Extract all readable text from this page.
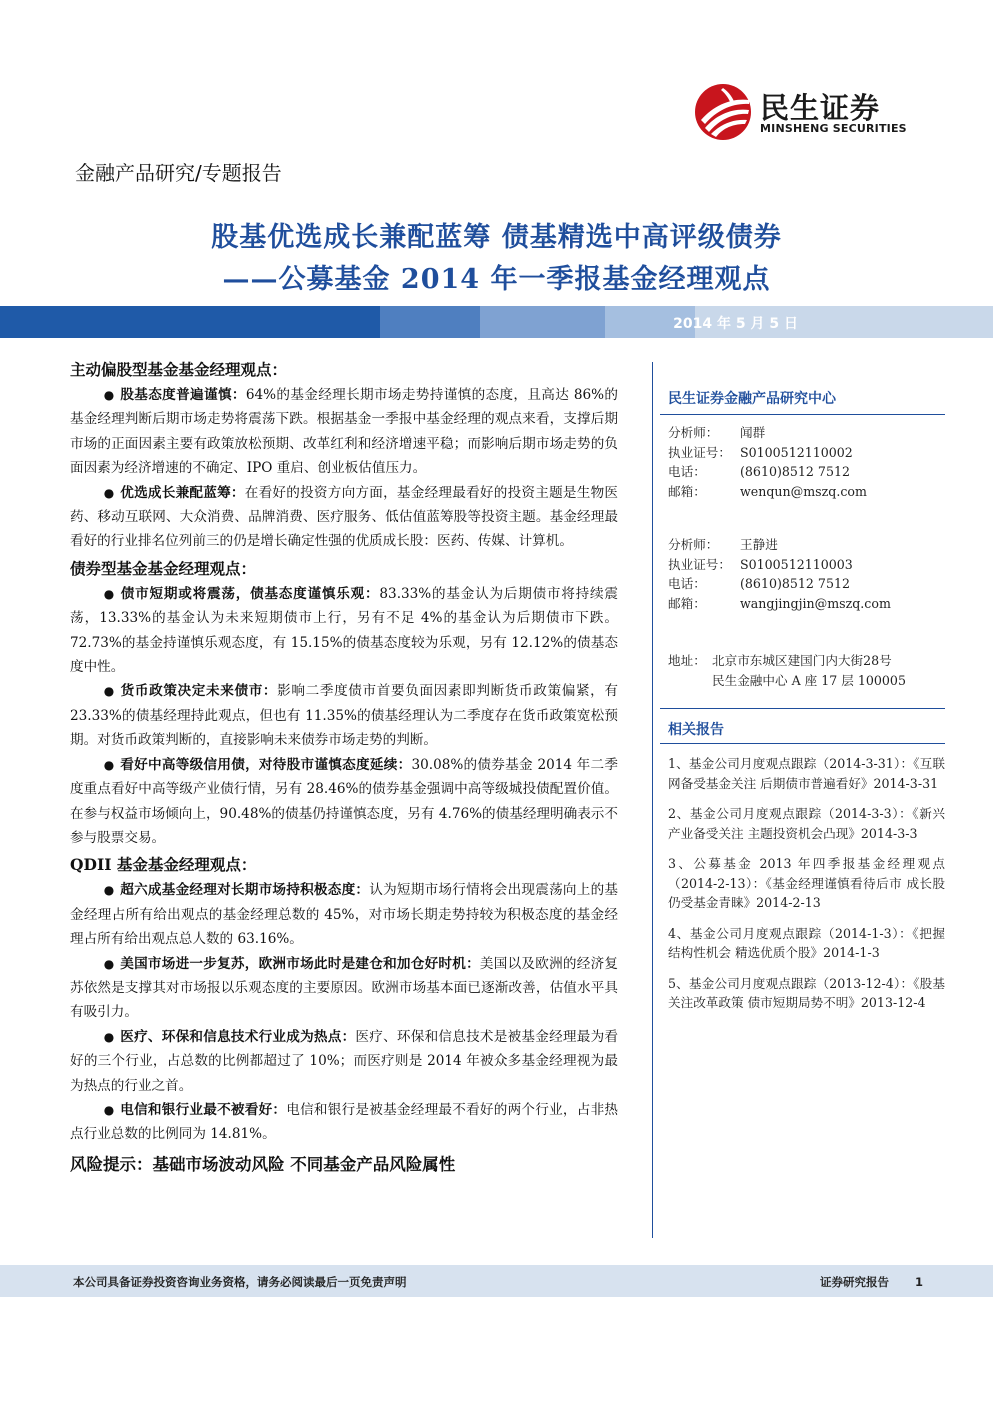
民生证券
MINSHENG SECURITIES
金融产品研究/专题报告
股基优选成长兼配蓝筹 债基精选中高评级债券
——公募基金 2014 年一季报基金经理观点
2014 年 5 月 5 日
主动偏股型基金基金经理观点：

● 股基态度普遍谨慎：64%的基金经理长期市场走势持谨慎的态度，且高达 86%的基金经理判断后期市场走势将震荡下跌。根据基金一季报中基金经理的观点来看，支撑后期市场的正面因素主要有政策放松预期、改革红利和经济增速平稳；而影响后期市场走势的负面因素为经济增速的不确定、IPO 重启、创业板估值压力。

● 优选成长兼配蓝筹：在看好的投资方向方面，基金经理最看好的投资主题是生物医药、移动互联网、大众消费、品牌消费、医疗服务、低估值蓝筹股等投资主题。基金经理最看好的行业排名位列前三的仍是增长确定性强的优质成长股：医药、传媒、计算机。

债券型基金基金经理观点：

● 债市短期或将震荡，债基态度谨慎乐观：83.33%的基金认为后期债市将持续震荡，13.33%的基金认为未来短期债市上行，另有不足 4%的基金认为后期债市下跌。72.73%的基金持谨慎乐观态度，有 15.15%的债基态度较为乐观，另有 12.12%的债基态度中性。

● 货币政策决定未来债市：影响二季度债市首要负面因素即判断货币政策偏紧，有 23.33%的债基经理持此观点，但也有 11.35%的债基经理认为二季度存在货币政策宽松预期。对货币政策判断的，直接影响未来债券市场走势的判断。

● 看好中高等级信用债，对待股市谨慎态度延续：30.08%的债券基金 2014 年二季度重点看好中高等级产业债行情，另有 28.46%的债券基金强调中高等级城投债配置价值。在参与权益市场倾向上，90.48%的债基仍持谨慎态度，另有 4.76%的债基经理明确表示不参与股票交易。

QDII 基金基金经理观点：

● 超六成基金经理对长期市场持积极态度：认为短期市场行情将会出现震荡向上的基金经理占所有给出观点的基金经理总数的 45%，对市场长期走势持较为积极态度的基金经理占所有给出观点总人数的 63.16%。

● 美国市场进一步复苏，欧洲市场此时是建仓和加仓好时机：美国以及欧洲的经济复苏依然是支撑其对市场报以乐观态度的主要原因。欧洲市场基本面已逐渐改善，估值水平具有吸引力。

● 医疗、环保和信息技术行业成为热点：医疗、环保和信息技术是被基金经理最为看好的三个行业，占总数的比例都超过了 10%；而医疗则是 2014 年被众多基金经理视为最为热点的行业之首。

● 电信和银行业最不被看好：电信和银行是被基金经理最不看好的两个行业，占非热点行业总数的比例同为 14.81%。

风险提示：基础市场波动风险 不同基金产品风险属性
民生证券金融产品研究中心
分析师： 闻群
执业证号： S0100512110002
电话：	(8610)8512 7512
邮箱：	wenqun@mszq.com
分析师： 王静进
执业证号： S0100512110003
电话：	(8610)8512 7512
邮箱：	wangjingjin@mszq.com
地址： 北京市东城区建国门内大街28号
民生金融中心 A 座 17 层 100005
相关报告

1、基金公司月度观点跟踪（2014-3-31）：《互联网备受基金关注 后期债市普遍看好》2014-3-31

2、基金公司月度观点跟踪（2014-3-3）：《新兴产业备受关注 主题投资机会凸现》2014-3-3

3、公募基金 2013 年四季报基金经理观点（2014-2-13）：《基金经理谨慎看待后市 成长股仍受基金青睐》2014-2-13

4、基金公司月度观点跟踪（2014-1-3）：《把握结构性机会 精选优质个股》2014-1-3

5、基金公司月度观点跟踪（2013-12-4）：《股基关注改革政策 债市短期局势不明》2013-12-4

本公司具备证券投资咨询业务资格，请务必阅读最后一页免责声明	证券研究报告 1
